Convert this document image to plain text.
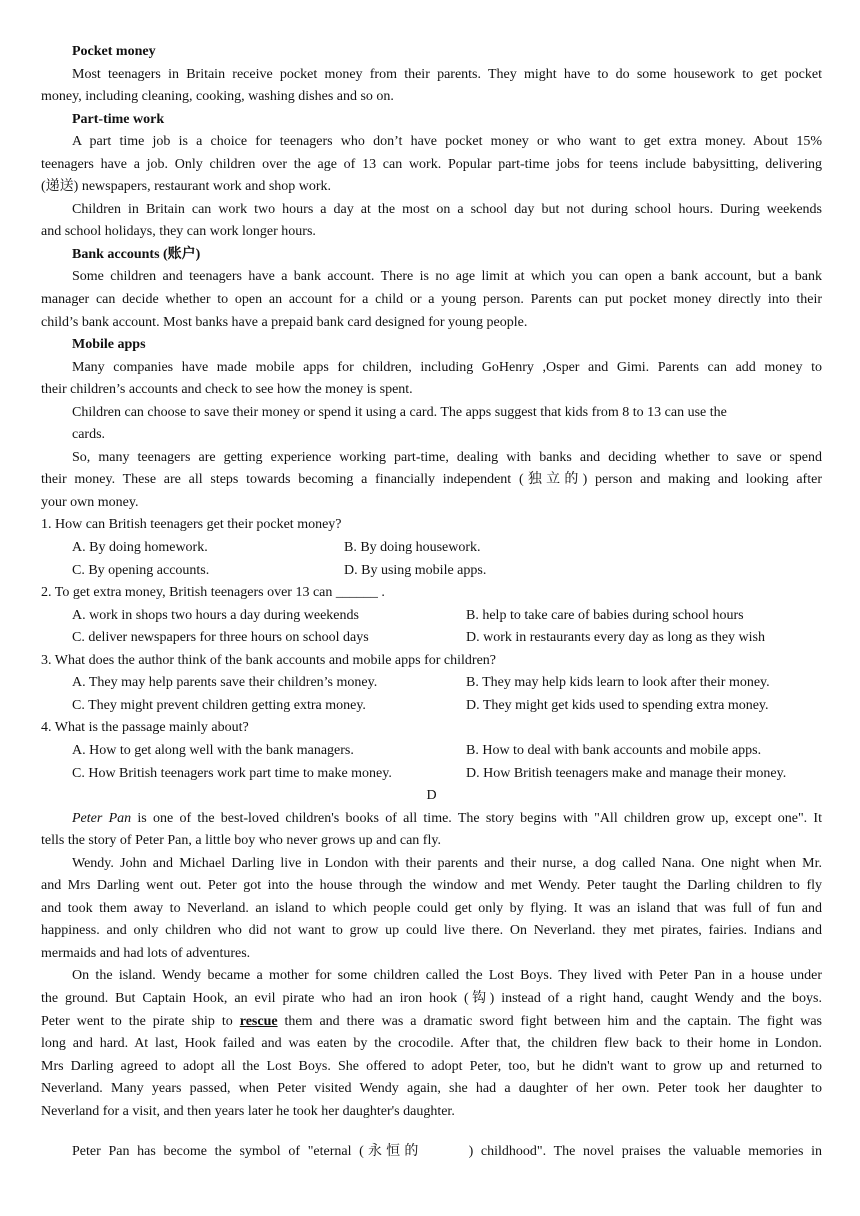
Pocket money
Most teenagers in Britain receive pocket money from their parents. They might have to do some housework to get pocket
money, including cleaning, cooking, washing dishes and so on.
Part-time work
A part time job is a choice for teenagers who don’t have pocket money or who want to get extra money. About 15%
teenagers have a job. Only children over the age of 13 can work. Popular part-time jobs for teens include babysitting, delivering
(递送) newspapers, restaurant work and shop work.
Children in Britain can work two hours a day at the most on a school day but not during school hours. During weekends
and school holidays, they can work longer hours.
Bank accounts (账户)
Some children and teenagers have a bank account. There is no age limit at which you can open a bank account, but a bank
manager can decide whether to open an account for a child or a young person. Parents can put pocket money directly into their
child’s bank account. Most banks have a prepaid bank card designed for young people.
Mobile apps
Many companies have made mobile apps for children, including GoHenry ,Osper and Gimi. Parents can add money to
their children’s accounts and check to see how the money is spent.
Children can choose to save their money or spend it using a card. The apps suggest that kids from 8 to 13 can use the
cards.
So, many teenagers are getting experience working part-time, dealing with banks and deciding whether to save or spend
their money. These are all steps towards becoming a financially independent (独立的) person and making and looking after
your own money.
1. How can British teenagers get their pocket money?
A. By doing homework.	B. By doing housework.
C. By opening accounts.	D. By using mobile apps.
2. To get extra money, British teenagers over 13 can ______ .
A. work in shops two hours a day during weekends	B. help to take care of babies during school hours
C. deliver newspapers for three hours on school days	D. work in restaurants every day as long as they wish
3. What does the author think of the bank accounts and mobile apps for children?
A. They may help parents save their children’s money.	B. They may help kids learn to look after their money.
C. They might prevent children getting extra money.	D. They might get kids used to spending extra money.
4. What is the passage mainly about?
A. How to get along well with the bank managers.	B. How to deal with bank accounts and mobile apps.
C. How British teenagers work part time to make money.	D. How British teenagers make and manage their money.
D
Peter Pan is one of the best-loved children's books of all time. The story begins with "All children grow up, except one". It
tells the story of Peter Pan, a little boy who never grows up and can fly.
Wendy. John and Michael Darling live in London with their parents and their nurse, a dog called Nana. One night when Mr.
and Mrs Darling went out. Peter got into the house through the window and met Wendy. Peter taught the Darling children to fly
and took them away to Neverland. an island to which people could get only by flying. It was an island that was full of fun and
happiness. and only children who did not want to grow up could live there. On Neverland. they met pirates, fairies. Indians and
mermaids and had lots of adventures.
On the island. Wendy became a mother for some children called the Lost Boys. They lived with Peter Pan in a house under
the ground. But Captain Hook, an evil pirate who had an iron hook (钩) instead of a right hand, caught Wendy and the boys.
Peter went to the pirate ship to rescue them and there was a dramatic sword fight between him and the captain. The fight was
long and hard. At last, Hook failed and was eaten by the crocodile. After that, the children flew back to their home in London.
Mrs Darling agreed to adopt all the Lost Boys. She offered to adopt Peter, too, but he didn't want to grow up and returned to
Neverland. Many years passed, when Peter visited Wendy again, she had a daughter of her own. Peter took her daughter to
Neverland for a visit, and then years later he took her daughter's daughter.
Peter Pan has become the symbol of "eternal (永恒的      ) childhood". The novel praises the valuable memories in
